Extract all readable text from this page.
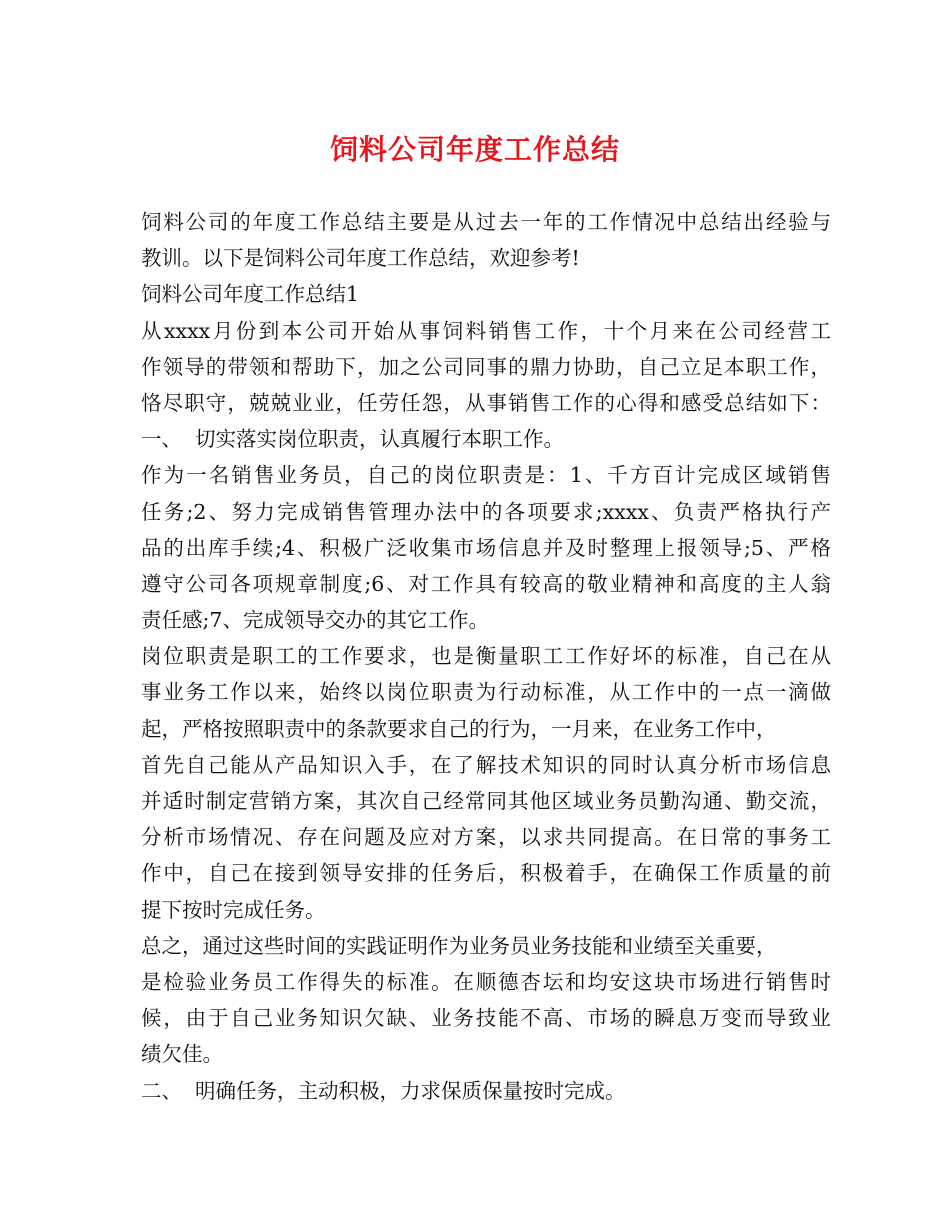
饲料公司年度工作总结
饲料公司的年度工作总结主要是从过去一年的工作情况中总结出经验与
教训。以下是饲料公司年度工作总结，欢迎参考!
饲料公司年度工作总结1
从xxxx月份到本公司开始从事饲料销售工作，十个月来在公司经营工
作领导的带领和帮助下，加之公司同事的鼎力协助，自己立足本职工作，
恪尽职守，兢兢业业，任劳任怨，从事销售工作的心得和感受总结如下：
一、  切实落实岗位职责，认真履行本职工作。
作为一名销售业务员，自己的岗位职责是：1、千方百计完成区域销售
任务;2、努力完成销售管理办法中的各项要求;xxxx、负责严格执行产
品的出库手续;4、积极广泛收集市场信息并及时整理上报领导;5、严格
遵守公司各项规章制度;6、对工作具有较高的敬业精神和高度的主人翁
责任感;7、完成领导交办的其它工作。
岗位职责是职工的工作要求，也是衡量职工工作好坏的标准，自己在从
事业务工作以来，始终以岗位职责为行动标准，从工作中的一点一滴做
起，严格按照职责中的条款要求自己的行为，一月来，在业务工作中，
首先自己能从产品知识入手，在了解技术知识的同时认真分析市场信息
并适时制定营销方案，其次自己经常同其他区域业务员勤沟通、勤交流，
分析市场情况、存在问题及应对方案，以求共同提高。在日常的事务工
作中，自己在接到领导安排的任务后，积极着手，在确保工作质量的前
提下按时完成任务。
总之，通过这些时间的实践证明作为业务员业务技能和业绩至关重要，
是检验业务员工作得失的标准。在顺德杏坛和均安这块市场进行销售时
候，由于自己业务知识欠缺、业务技能不高、市场的瞬息万变而导致业
绩欠佳。
二、  明确任务，主动积极，力求保质保量按时完成。
